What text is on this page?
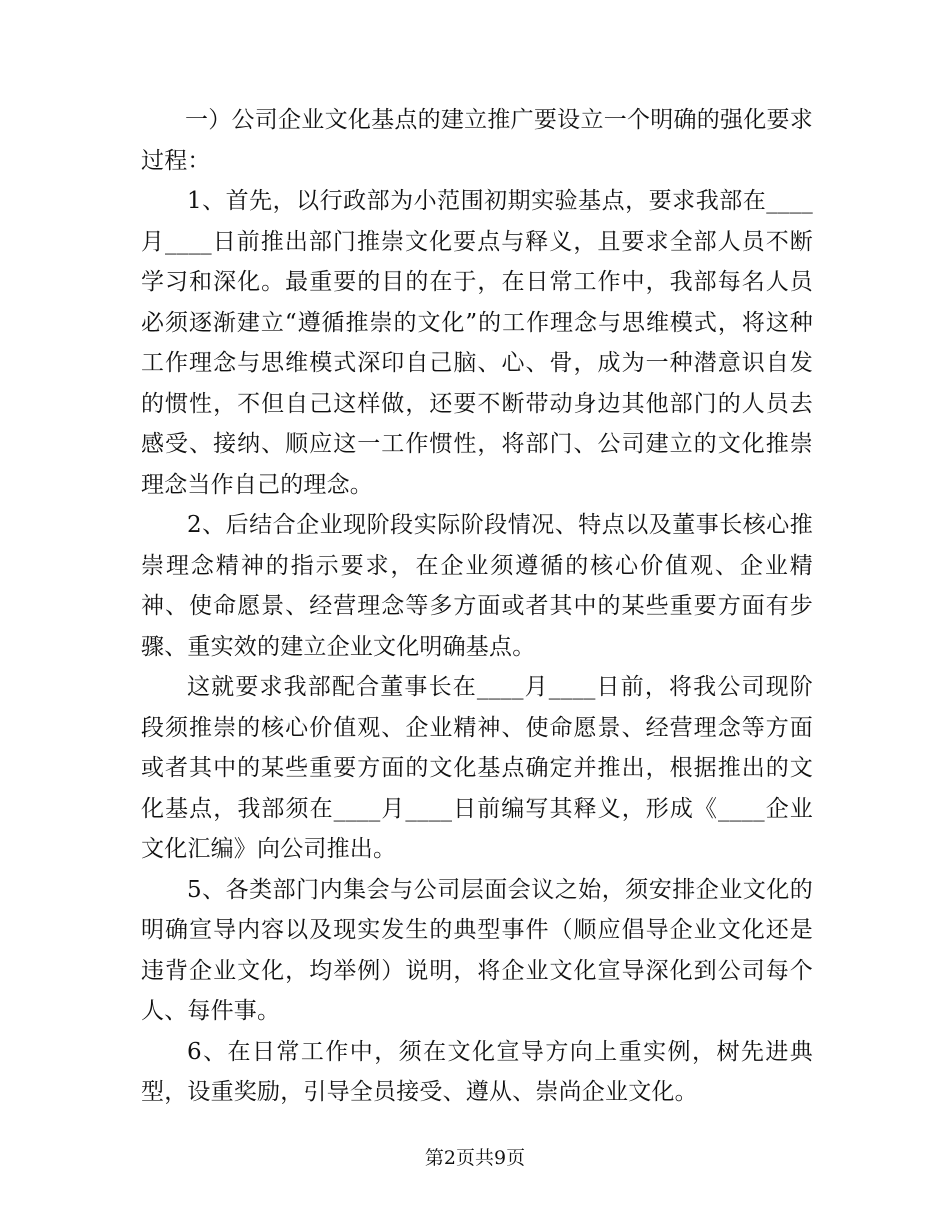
一）公司企业文化基点的建立推广要设立一个明确的强化要求过程：

1、首先，以行政部为小范围初期实验基点，要求我部在____月____日前推出部门推崇文化要点与释义，且要求全部人员不断学习和深化。最重要的目的在于，在日常工作中，我部每名人员必须逐渐建立“遵循推崇的文化”的工作理念与思维模式，将这种工作理念与思维模式深印自己脑、心、骨，成为一种潜意识自发的惯性，不但自己这样做，还要不断带动身边其他部门的人员去感受、接纳、顺应这一工作惯性，将部门、公司建立的文化推崇理念当作自己的理念。

2、后结合企业现阶段实际阶段情况、特点以及董事长核心推崇理念精神的指示要求，在企业须遵循的核心价值观、企业精神、使命愿景、经营理念等多方面或者其中的某些重要方面有步骤、重实效的建立企业文化明确基点。

这就要求我部配合董事长在____月____日前，将我公司现阶段须推崇的核心价值观、企业精神、使命愿景、经营理念等方面或者其中的某些重要方面的文化基点确定并推出，根据推出的文化基点，我部须在____月____日前编写其释义，形成《____企业文化汇编》向公司推出。

5、各类部门内集会与公司层面会议之始，须安排企业文化的明确宣导内容以及现实发生的典型事件（顺应倡导企业文化还是违背企业文化，均举例）说明，将企业文化宣导深化到公司每个人、每件事。

6、在日常工作中，须在文化宣导方向上重实例，树先进典型，设重奖励，引导全员接受、遵从、崇尚企业文化。

第2页共9页
